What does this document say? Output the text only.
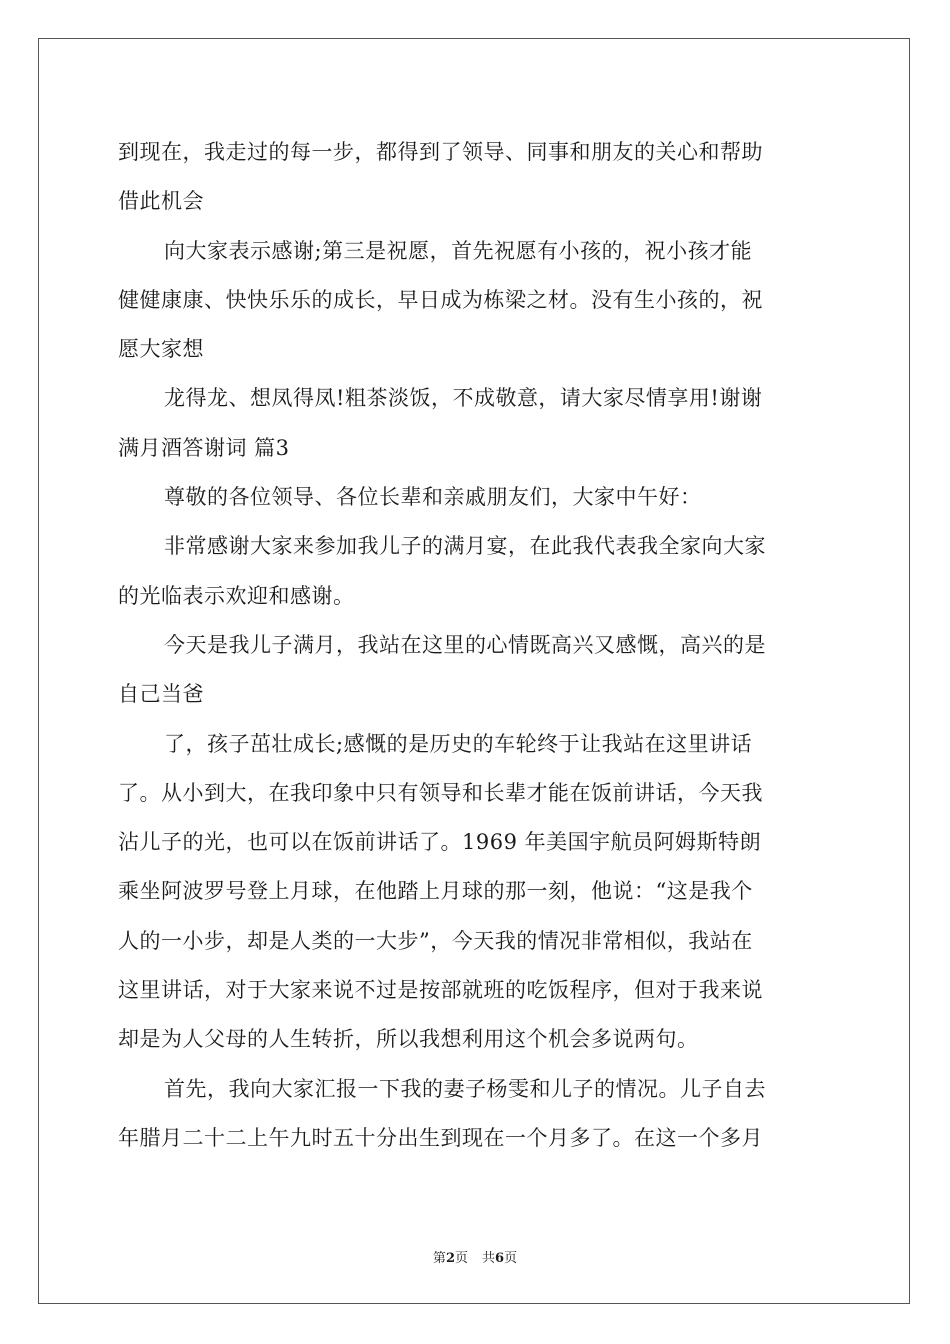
到现在，我走过的每一步，都得到了领导、同事和朋友的关心和帮助
借此机会
向大家表示感谢;第三是祝愿，首先祝愿有小孩的，祝小孩才能
健健康康、快快乐乐的成长，早日成为栋梁之材。没有生小孩的，祝
愿大家想
龙得龙、想凤得凤!粗茶淡饭，不成敬意，请大家尽情享用!谢谢
满月酒答谢词 篇3
尊敬的各位领导、各位长辈和亲戚朋友们，大家中午好：
非常感谢大家来参加我儿子的满月宴，在此我代表我全家向大家
的光临表示欢迎和感谢。
今天是我儿子满月，我站在这里的心情既高兴又感慨，高兴的是
自己当爸
了，孩子茁壮成长;感慨的是历史的车轮终于让我站在这里讲话
了。从小到大，在我印象中只有领导和长辈才能在饭前讲话，今天我
沾儿子的光，也可以在饭前讲话了。1969 年美国宇航员阿姆斯特朗
乘坐阿波罗号登上月球，在他踏上月球的那一刻，他说：“这是我个
人的一小步，却是人类的一大步”，今天我的情况非常相似，我站在
这里讲话，对于大家来说不过是按部就班的吃饭程序，但对于我来说
却是为人父母的人生转折，所以我想利用这个机会多说两句。
首先，我向大家汇报一下我的妻子杨雯和儿子的情况。儿子自去
年腊月二十二上午九时五十分出生到现在一个月多了。在这一个多月
第2页 共6页
